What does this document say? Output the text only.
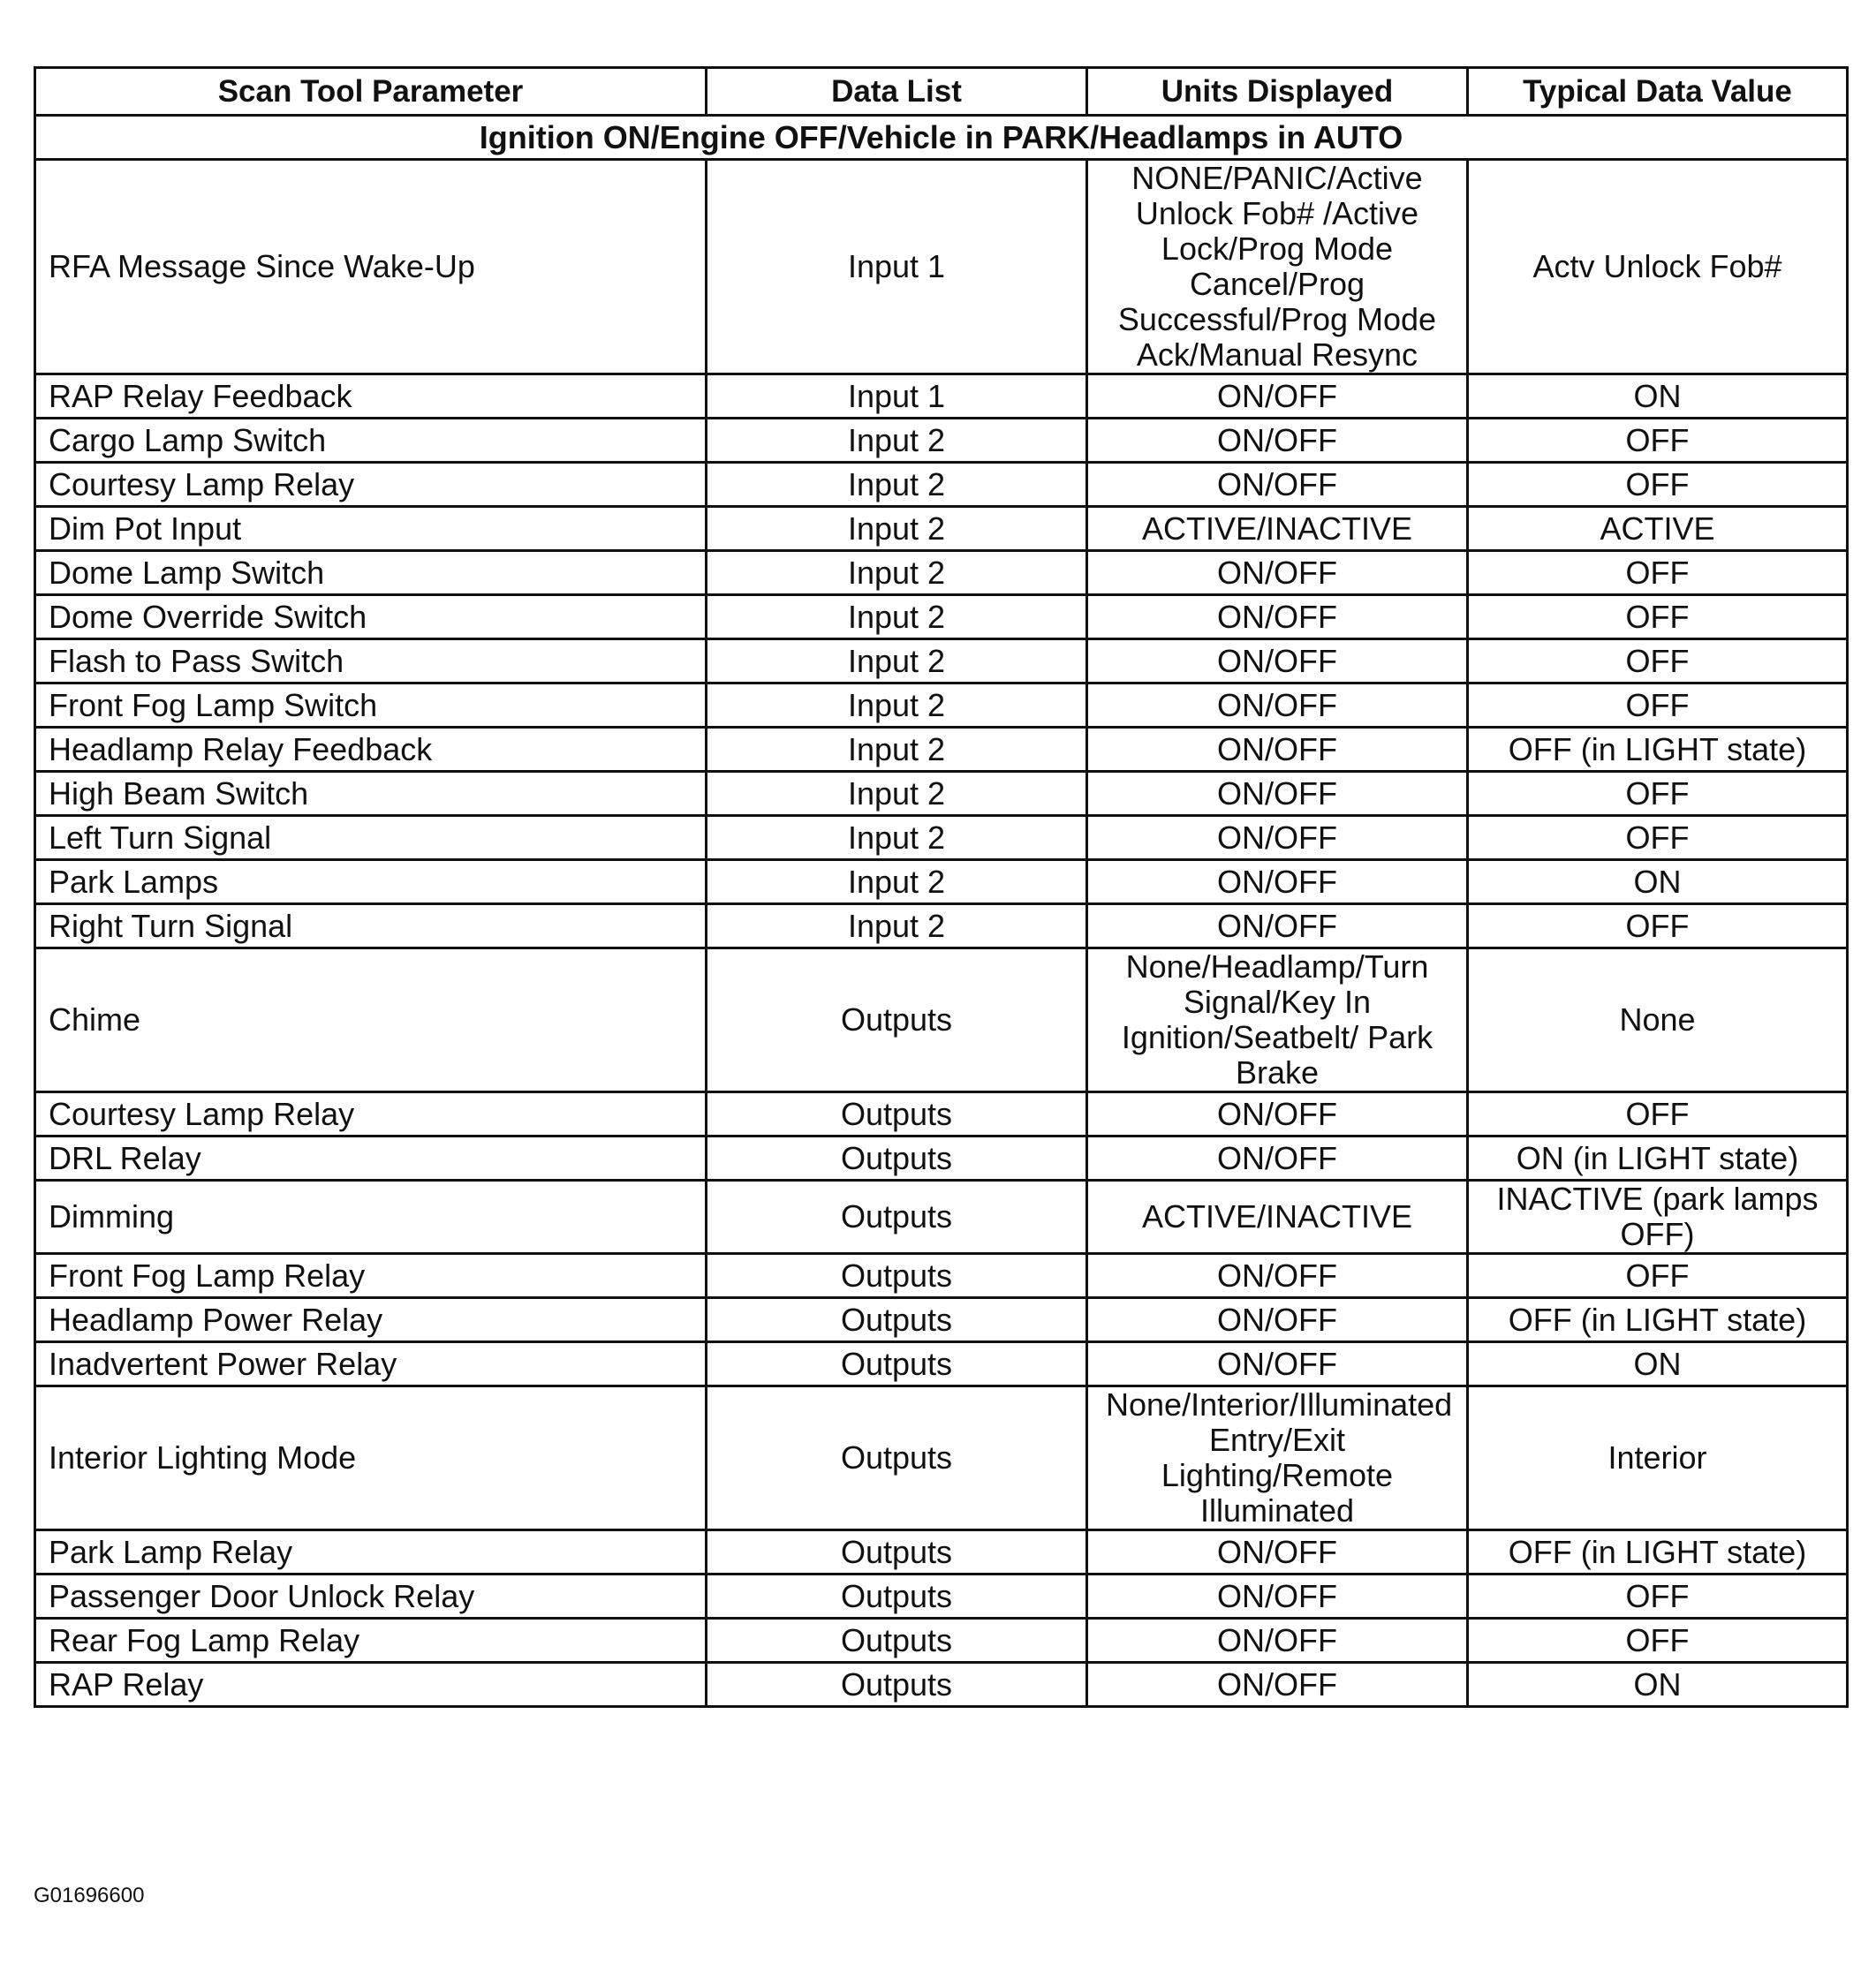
Scan Tool Parameter	Data List	Units Displayed	Typical Data Value
Ignition ON/Engine OFF/Vehicle in PARK/Headlamps in AUTO			
RFA Message Since Wake-Up	Input 1	NONE/PANIC/Active Unlock Fob# /Active Lock/Prog Mode Cancel/Prog Successful/Prog Mode Ack/Manual Resync	Actv Unlock Fob#
RAP Relay Feedback	Input 1	ON/OFF	ON
Cargo Lamp Switch	Input 2	ON/OFF	OFF
Courtesy Lamp Relay	Input 2	ON/OFF	OFF
Dim Pot Input	Input 2	ACTIVE/INACTIVE	ACTIVE
Dome Lamp Switch	Input 2	ON/OFF	OFF
Dome Override Switch	Input 2	ON/OFF	OFF
Flash to Pass Switch	Input 2	ON/OFF	OFF
Front Fog Lamp Switch	Input 2	ON/OFF	OFF
Headlamp Relay Feedback	Input 2	ON/OFF	OFF (in LIGHT state)
High Beam Switch	Input 2	ON/OFF	OFF
Left Turn Signal	Input 2	ON/OFF	OFF
Park Lamps	Input 2	ON/OFF	ON
Right Turn Signal	Input 2	ON/OFF	OFF
Chime	Outputs	None/Headlamp/Turn Signal/Key In Ignition/Seatbelt/ Park Brake	None
Courtesy Lamp Relay	Outputs	ON/OFF	OFF
DRL Relay	Outputs	ON/OFF	ON (in LIGHT state)
Dimming	Outputs	ACTIVE/INACTIVE	INACTIVE (park lamps OFF)
Front Fog Lamp Relay	Outputs	ON/OFF	OFF
Headlamp Power Relay	Outputs	ON/OFF	OFF (in LIGHT state)
Inadvertent Power Relay	Outputs	ON/OFF	ON
Interior Lighting Mode	Outputs	None/Interior/Illuminated Entry/Exit Lighting/Remote Illuminated	Interior
Park Lamp Relay	Outputs	ON/OFF	OFF (in LIGHT state)
Passenger Door Unlock Relay	Outputs	ON/OFF	OFF
Rear Fog Lamp Relay	Outputs	ON/OFF	OFF
RAP Relay	Outputs	ON/OFF	ON
G01696600
